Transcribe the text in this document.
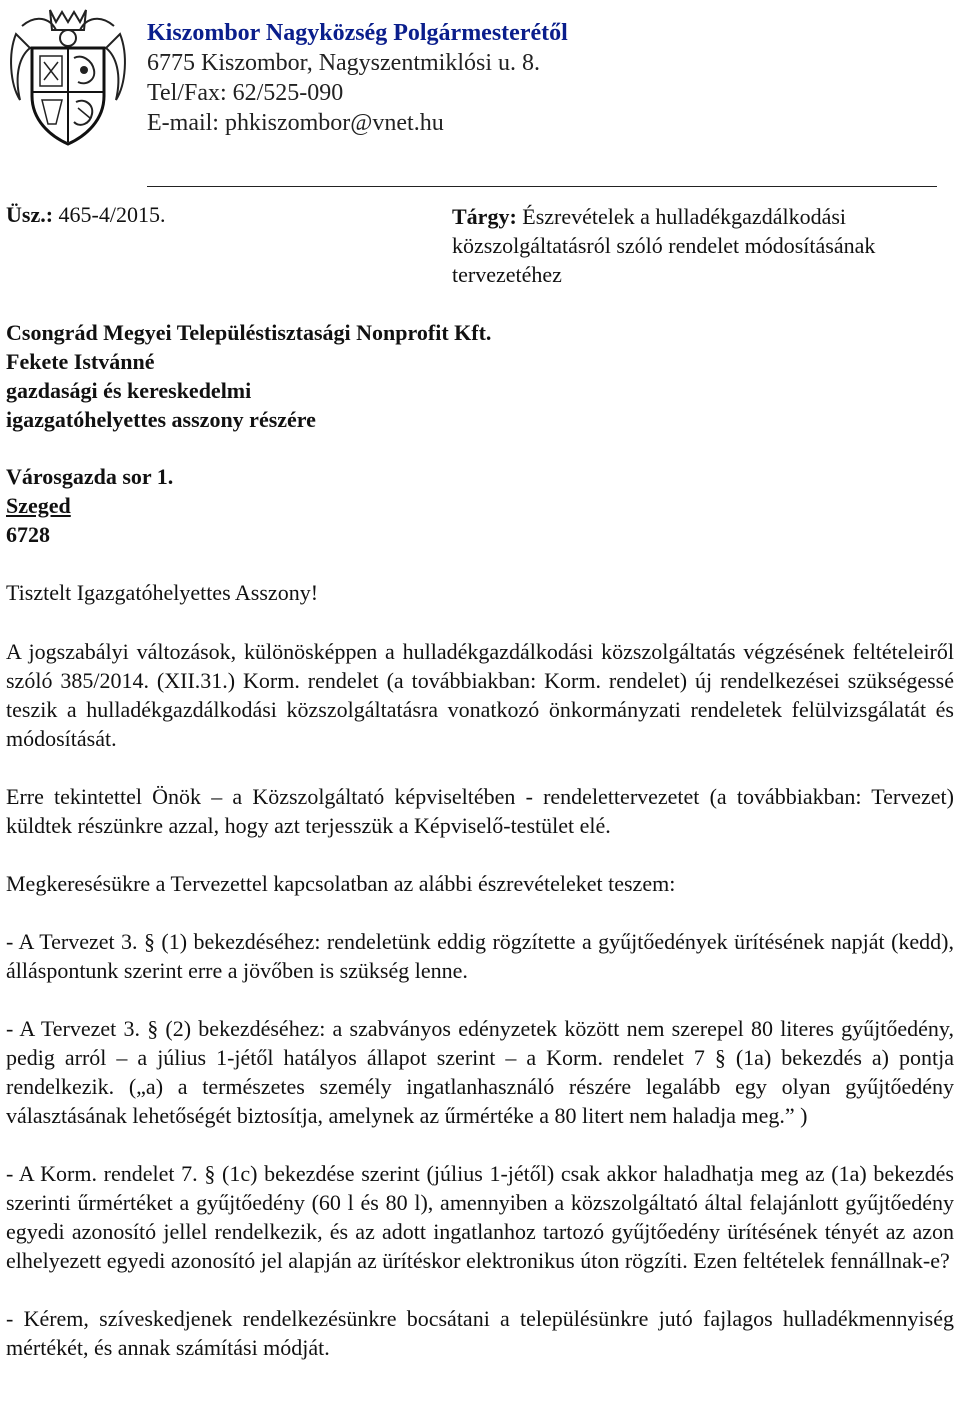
Kiszombor Nagyközség Polgármesterétől
6775 Kiszombor, Nagyszentmiklósi u. 8.
Tel/Fax: 62/525-090
E-mail: phkiszombor@vnet.hu
Üsz.: 465-4/2015.	Tárgy: Észrevételek a hulladékgazdálkodási
közszolgáltatásról szóló rendelet módosításának
tervezetéhez
Csongrád Megyei Településtisztasági Nonprofit Kft.
Fekete Istvánné
gazdasági és kereskedelmi
igazgatóhelyettes asszony részére
Városgazda sor 1.
Szeged
6728
Tisztelt Igazgatóhelyettes Asszony!

A jogszabályi változások, különösképpen a hulladékgazdálkodási közszolgáltatás végzésének feltételeiről szóló 385/2014. (XII.31.) Korm. rendelet (a továbbiakban: Korm. rendelet) új rendelkezései szükségessé teszik a hulladékgazdálkodási közszolgáltatásra vonatkozó önkormányzati rendeletek felülvizsgálatát és módosítását.

Erre tekintettel Önök – a Közszolgáltató képviseltében - rendelettervezetet (a továbbiakban: Tervezet) küldtek részünkre azzal, hogy azt terjesszük a Képviselő-testület elé.

Megkeresésükre a Tervezettel kapcsolatban az alábbi észrevételeket teszem:

- A Tervezet 3. § (1) bekezdéséhez: rendeletünk eddig rögzítette a gyűjtőedények ürítésének napját (kedd), álláspontunk szerint erre a jövőben is szükség lenne.

- A Tervezet 3. § (2) bekezdéséhez: a szabványos edényzetek között nem szerepel 80 literes gyűjtőedény, pedig arról – a július 1-jétől hatályos állapot szerint – a Korm. rendelet 7 § (1a) bekezdés a) pontja rendelkezik. („a) a természetes személy ingatlanhasználó részére legalább egy olyan gyűjtőedény választásának lehetőségét biztosítja, amelynek az űrmértéke a 80 litert nem haladja meg.” )

- A Korm. rendelet 7. § (1c) bekezdése szerint (július 1-jétől) csak akkor haladhatja meg az (1a) bekezdés szerinti űrmértéket a gyűjtőedény (60 l és 80 l), amennyiben a közszolgáltató által felajánlott gyűjtőedény egyedi azonosító jellel rendelkezik, és az adott ingatlanhoz tartozó gyűjtőedény ürítésének tényét az azon elhelyezett egyedi azonosító jel alapján az ürítéskor elektronikus úton rögzíti. Ezen feltételek fennállnak-e?

- Kérem, szíveskedjenek rendelkezésünkre bocsátani a településünkre jutó fajlagos hulladékmennyiség mértékét, és annak számítási módját.
